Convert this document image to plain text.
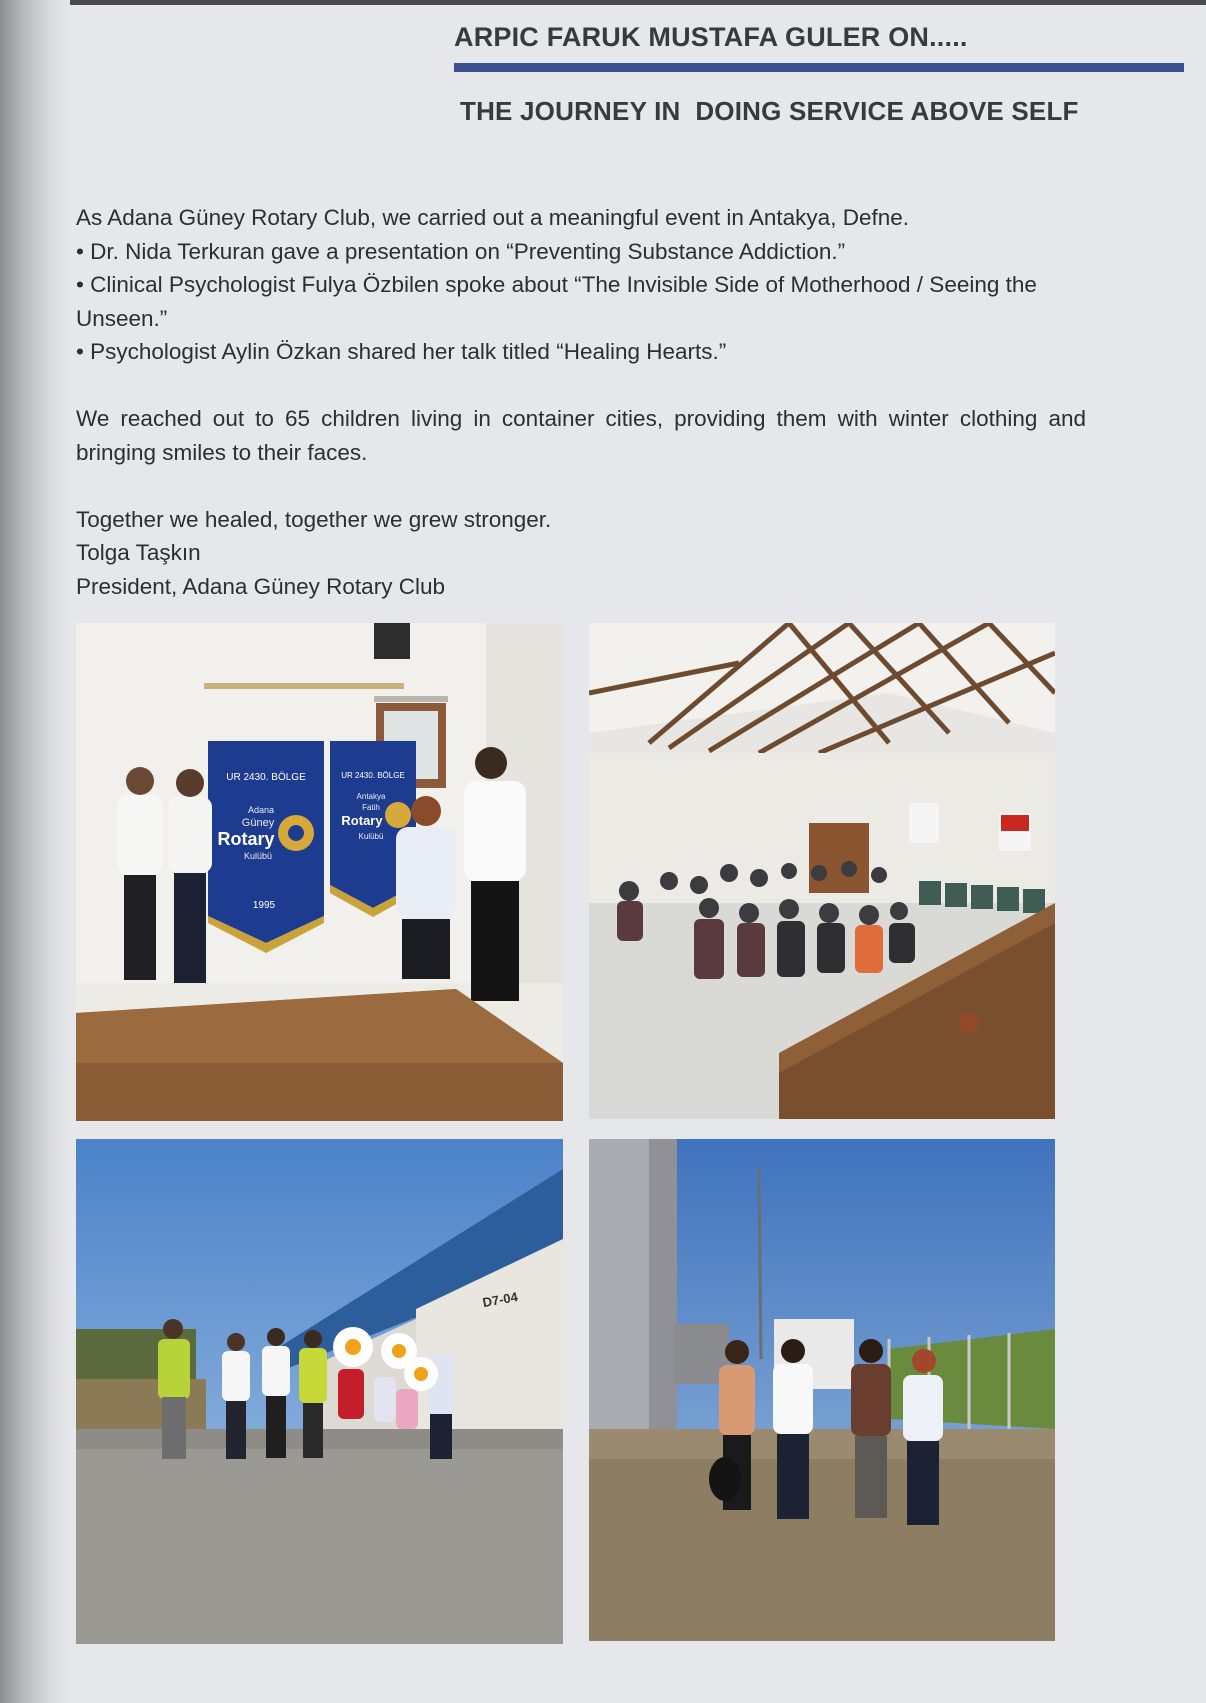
ARPIC FARUK MUSTAFA GULER ON.....
THE JOURNEY IN  DOING SERVICE ABOVE SELF

As Adana Güney Rotary Club, we carried out a meaningful event in Antakya, Defne.

• Dr. Nida Terkuran gave a presentation on “Preventing Substance Addiction.”

• Clinical Psychologist Fulya Özbilen spoke about “The Invisible Side of Motherhood / Seeing the Unseen.”

• Psychologist Aylin Özkan shared her talk titled “Healing Hearts.”

We reached out to 65 children living in container cities, providing them with winter clothing and bringing smiles to their faces.

Together we healed, together we grew stronger.

Tolga Taşkın

President, Adana Güney Rotary Club

UR 2430. BÖLGE
Adana
Güney
Rotary
Kulübü
1995
UR 2430. BÖLGE
Antakya
Fatih
Rotary
Kulübü
D7-04
